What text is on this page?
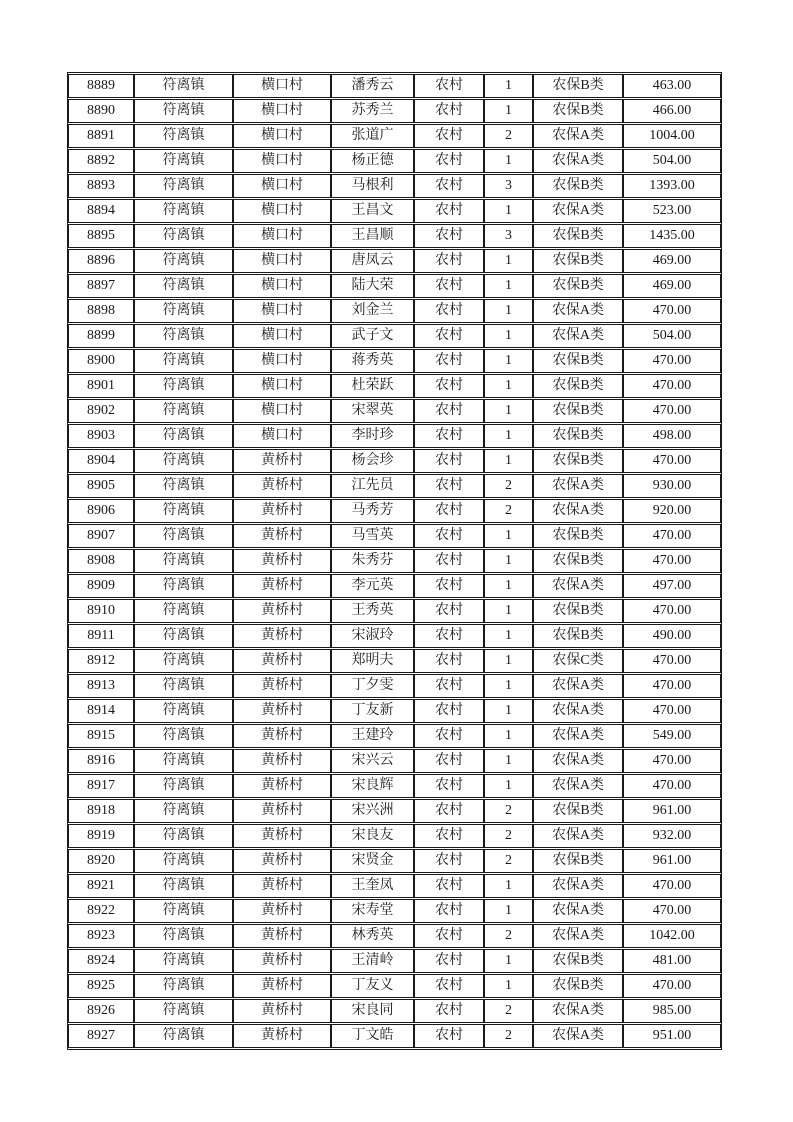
8889	符离镇	横口村	潘秀云	农村	1	农保B类	463.00
8890	符离镇	横口村	苏秀兰	农村	1	农保B类	466.00
8891	符离镇	横口村	张道广	农村	2	农保A类	1004.00
8892	符离镇	横口村	杨正德	农村	1	农保A类	504.00
8893	符离镇	横口村	马根利	农村	3	农保B类	1393.00
8894	符离镇	横口村	王昌文	农村	1	农保A类	523.00
8895	符离镇	横口村	王昌顺	农村	3	农保B类	1435.00
8896	符离镇	横口村	唐凤云	农村	1	农保B类	469.00
8897	符离镇	横口村	陆大荣	农村	1	农保B类	469.00
8898	符离镇	横口村	刘金兰	农村	1	农保A类	470.00
8899	符离镇	横口村	武子文	农村	1	农保A类	504.00
8900	符离镇	横口村	蒋秀英	农村	1	农保B类	470.00
8901	符离镇	横口村	杜荣跃	农村	1	农保B类	470.00
8902	符离镇	横口村	宋翠英	农村	1	农保B类	470.00
8903	符离镇	横口村	李时珍	农村	1	农保B类	498.00
8904	符离镇	黄桥村	杨会珍	农村	1	农保B类	470.00
8905	符离镇	黄桥村	江先员	农村	2	农保A类	930.00
8906	符离镇	黄桥村	马秀芳	农村	2	农保A类	920.00
8907	符离镇	黄桥村	马雪英	农村	1	农保B类	470.00
8908	符离镇	黄桥村	朱秀芬	农村	1	农保B类	470.00
8909	符离镇	黄桥村	李元英	农村	1	农保A类	497.00
8910	符离镇	黄桥村	王秀英	农村	1	农保B类	470.00
8911	符离镇	黄桥村	宋淑玲	农村	1	农保B类	490.00
8912	符离镇	黄桥村	郑明夫	农村	1	农保C类	470.00
8913	符离镇	黄桥村	丁夕雯	农村	1	农保A类	470.00
8914	符离镇	黄桥村	丁友新	农村	1	农保A类	470.00
8915	符离镇	黄桥村	王建玲	农村	1	农保A类	549.00
8916	符离镇	黄桥村	宋兴云	农村	1	农保A类	470.00
8917	符离镇	黄桥村	宋良辉	农村	1	农保A类	470.00
8918	符离镇	黄桥村	宋兴洲	农村	2	农保B类	961.00
8919	符离镇	黄桥村	宋良友	农村	2	农保A类	932.00
8920	符离镇	黄桥村	宋贤金	农村	2	农保B类	961.00
8921	符离镇	黄桥村	王奎凤	农村	1	农保A类	470.00
8922	符离镇	黄桥村	宋寿堂	农村	1	农保A类	470.00
8923	符离镇	黄桥村	林秀英	农村	2	农保A类	1042.00
8924	符离镇	黄桥村	王清岭	农村	1	农保B类	481.00
8925	符离镇	黄桥村	丁友义	农村	1	农保B类	470.00
8926	符离镇	黄桥村	宋良同	农村	2	农保A类	985.00
8927	符离镇	黄桥村	丁文皓	农村	2	农保A类	951.00
